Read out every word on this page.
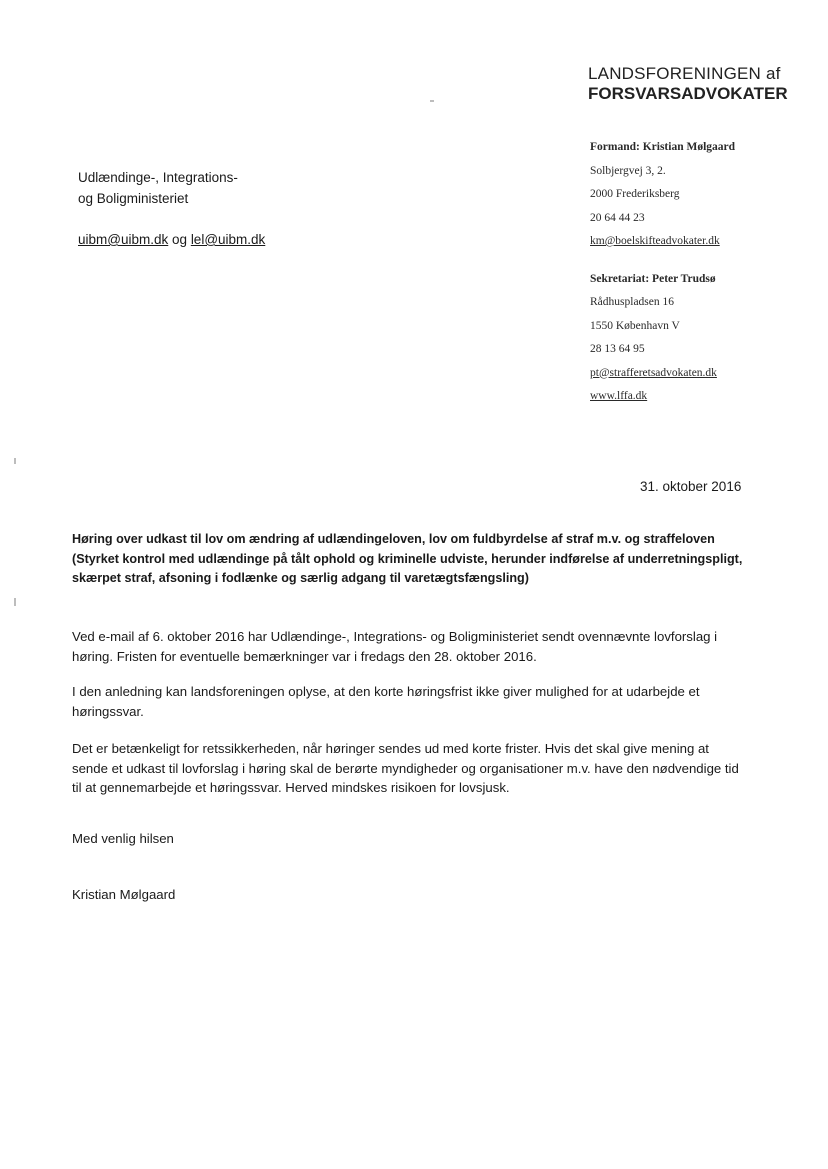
LANDSFORENINGEN af
FORSVARSADVOKATER
Formand: Kristian Mølgaard
Solbjergvej 3, 2.
2000 Frederiksberg
20 64 44 23
km@boelskifteadvokater.dk
Sekretariat: Peter Trudsø
Rådhuspladsen 16
1550 København V
28 13 64 95
pt@strafferetsadvokaten.dk
www.lffa.dk
Udlændinge-, Integrations-
og Boligministeriet
uibm@uibm.dk og lel@uibm.dk
31. oktober 2016
Høring over udkast til lov om ændring af udlændingeloven, lov om fuldbyrdelse af straf m.v. og straffeloven (Styrket kontrol med udlændinge på tålt ophold og kriminelle udviste, herunder indførelse af underretningspligt, skærpet straf, afsoning i fodlænke og særlig adgang til varetægtsfængsling)
Ved e-mail af 6. oktober 2016 har Udlændinge-, Integrations- og Boligministeriet sendt ovennævnte lovforslag i høring. Fristen for eventuelle bemærkninger var i fredags den 28. oktober 2016.
I den anledning kan landsforeningen oplyse, at den korte høringsfrist ikke giver mulighed for at udarbejde et høringssvar.
Det er betænkeligt for retssikkerheden, når høringer sendes ud med korte frister. Hvis det skal give mening at sende et udkast til lovforslag i høring skal de berørte myndigheder og organisationer m.v. have den nødvendige tid til at gennemarbejde et høringssvar. Herved mindskes risikoen for lovsjusk.
Med venlig hilsen
Kristian Mølgaard
